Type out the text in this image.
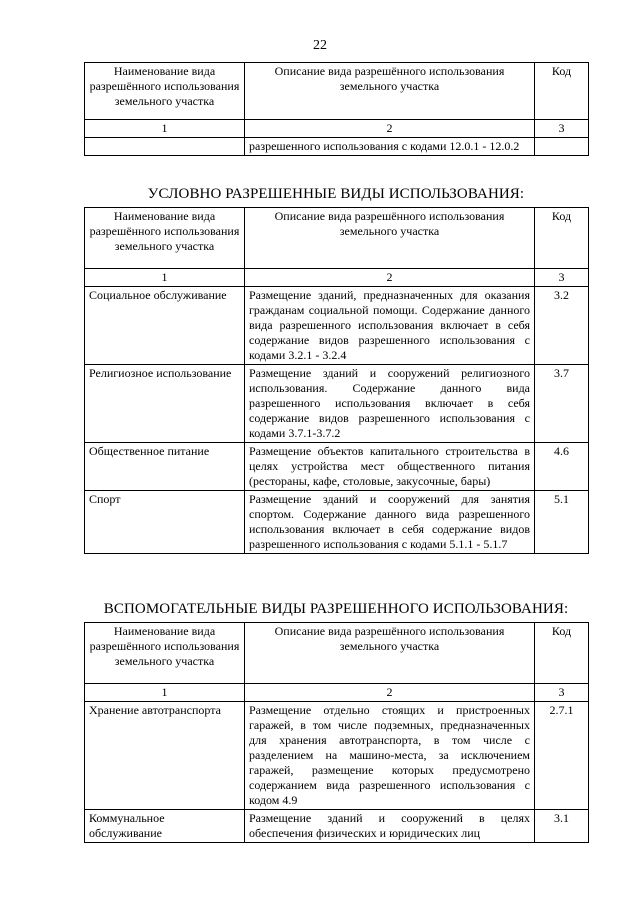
22
Наименование вида разрешённого использования земельного участка	Описание вида разрешённого использования земельного участка	Код
1	2	3
	разрешенного использования с кодами 12.0.1 - 12.0.2	
УСЛОВНО РАЗРЕШЕННЫЕ ВИДЫ ИСПОЛЬЗОВАНИЯ:
Наименование вида разрешённого использования земельного участка	Описание вида разрешённого использования земельного участка	Код
1	2	3
Социальное обслуживание	Размещение зданий, предназначенных для оказания гражданам социальной помощи. Содержание данного вида разрешенного использования включает в себя содержание видов разрешенного использования с кодами 3.2.1 - 3.2.4	3.2
Религиозное использование	Размещение зданий и сооружений религиозного использования. Содержание данного вида разрешенного использования включает в себя содержание видов разрешенного использования с кодами 3.7.1-3.7.2	3.7
Общественное питание	Размещение объектов капитального строительства в целях устройства мест общественного питания (рестораны, кафе, столовые, закусочные, бары)	4.6
Спорт	Размещение зданий и сооружений для занятия спортом. Содержание данного вида разрешенного использования включает в себя содержание видов разрешенного использования с кодами 5.1.1 - 5.1.7	5.1
ВСПОМОГАТЕЛЬНЫЕ ВИДЫ РАЗРЕШЕННОГО ИСПОЛЬЗОВАНИЯ:
Наименование вида разрешённого использования земельного участка	Описание вида разрешённого использования земельного участка	Код
1	2	3
Хранение автотранспорта	Размещение отдельно стоящих и пристроенных гаражей, в том числе подземных, предназначенных для хранения автотранспорта, в том числе с разделением на машино-места, за исключением гаражей, размещение которых предусмотрено содержанием вида разрешенного использования с кодом 4.9	2.7.1
Коммунальное обслуживание	Размещение зданий и сооружений в целях обеспечения физических и юридических лиц	3.1
